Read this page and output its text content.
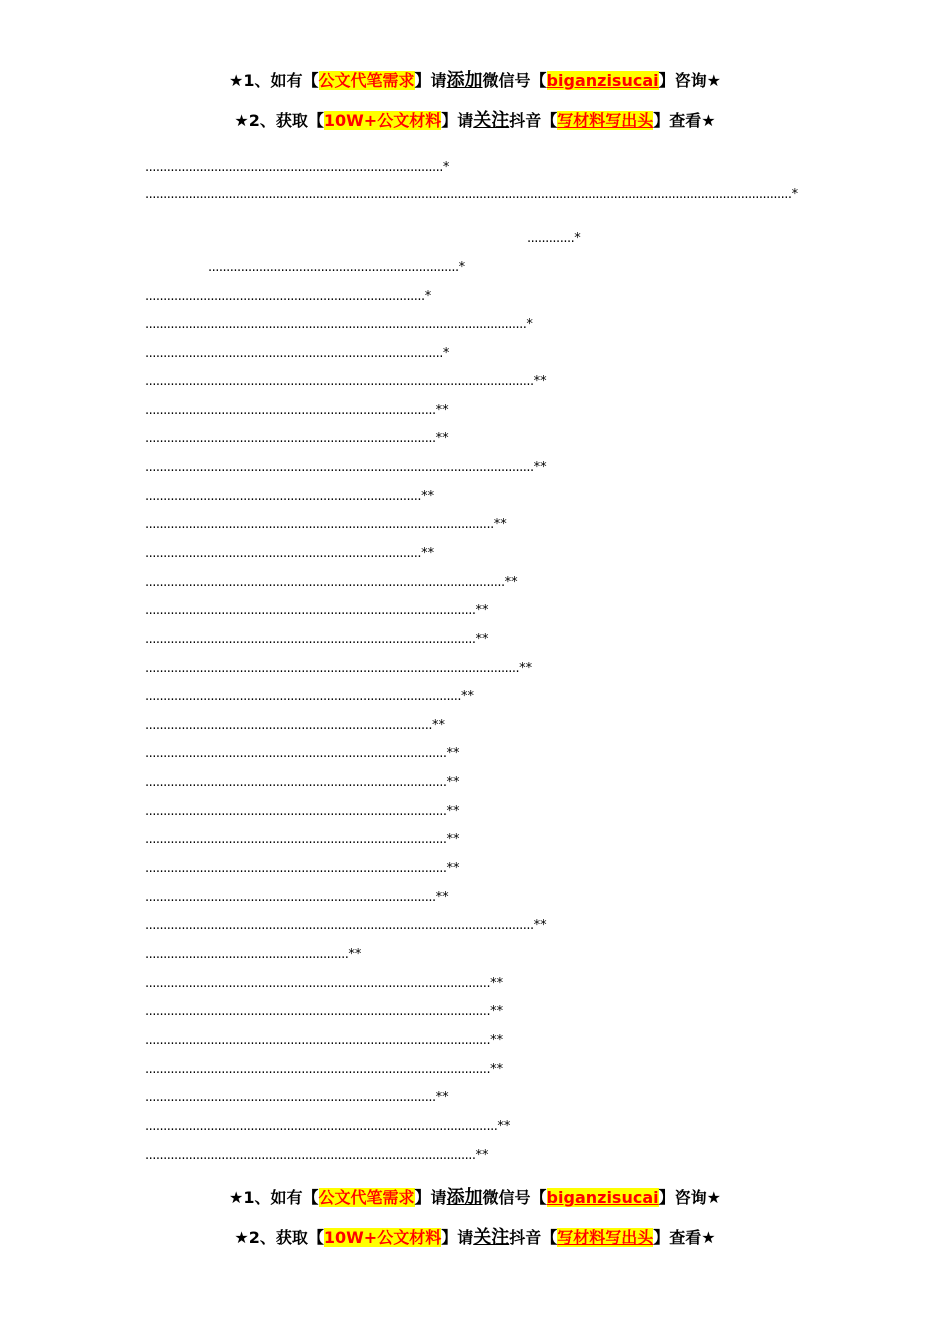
★1、如有【公文代笔需求】请添加微信号【biganzisucai】咨询★
★2、获取【10W+公文材料】请关注抖音【写材料写出头】查看★
..................................................................................*
..................................................................................................................................................................................*
.............*
.....................................................................*
.............................................................................*
.........................................................................................................*
..................................................................................*
...........................................................................................................**
................................................................................**
................................................................................**
...........................................................................................................**
............................................................................**
................................................................................................**
............................................................................**
...................................................................................................**
...........................................................................................**
...........................................................................................**
.......................................................................................................**
.......................................................................................**
...............................................................................**
...................................................................................**
...................................................................................**
...................................................................................**
...................................................................................**
...................................................................................**
................................................................................**
...........................................................................................................**
........................................................**
...............................................................................................**
...............................................................................................**
...............................................................................................**
...............................................................................................**
................................................................................**
.................................................................................................**
...........................................................................................**
★1、如有【公文代笔需求】请添加微信号【biganzisucai】咨询★
★2、获取【10W+公文材料】请关注抖音【写材料写出头】查看★
